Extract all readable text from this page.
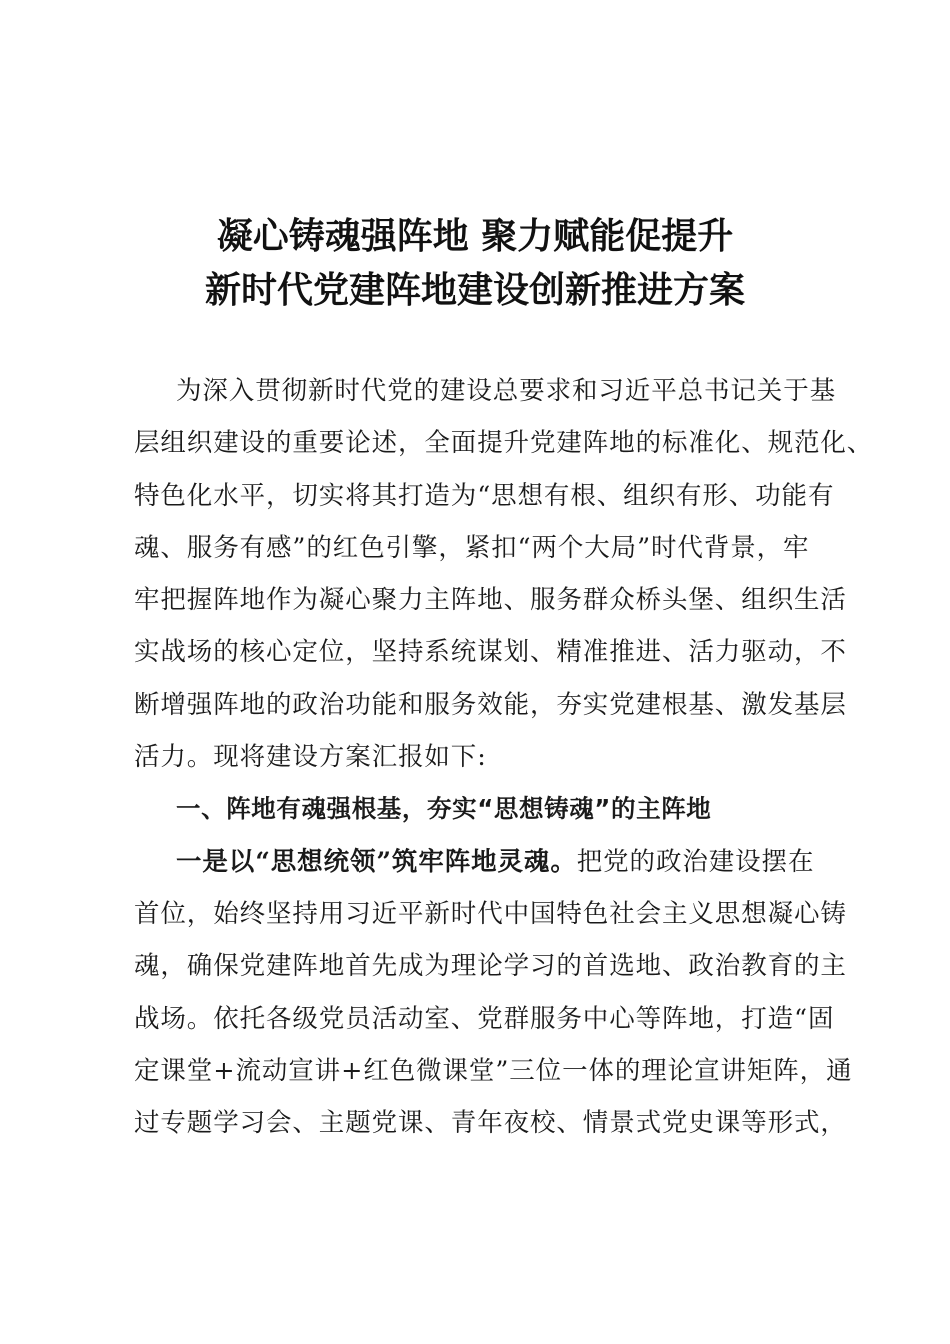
凝心铸魂强阵地 聚力赋能促提升
新时代党建阵地建设创新推进方案
为深入贯彻新时代党的建设总要求和习近平总书记关于基
层组织建设的重要论述，全面提升党建阵地的标准化、规范化、
特色化水平，切实将其打造为“思想有根、组织有形、功能有
魂、服务有感”的红色引擎，紧扣“两个大局”时代背景，牢
牢把握阵地作为凝心聚力主阵地、服务群众桥头堡、组织生活
实战场的核心定位，坚持系统谋划、精准推进、活力驱动，不
断增强阵地的政治功能和服务效能，夯实党建根基、激发基层
活力。现将建设方案汇报如下:
一、阵地有魂强根基，夯实“思想铸魂”的主阵地
一是以“思想统领”筑牢阵地灵魂。把党的政治建设摆在
首位，始终坚持用习近平新时代中国特色社会主义思想凝心铸
魂，确保党建阵地首先成为理论学习的首选地、政治教育的主
战场。依托各级党员活动室、党群服务中心等阵地，打造“固
定课堂+流动宣讲+红色微课堂”三位一体的理论宣讲矩阵，通
过专题学习会、主题党课、青年夜校、情景式党史课等形式，
